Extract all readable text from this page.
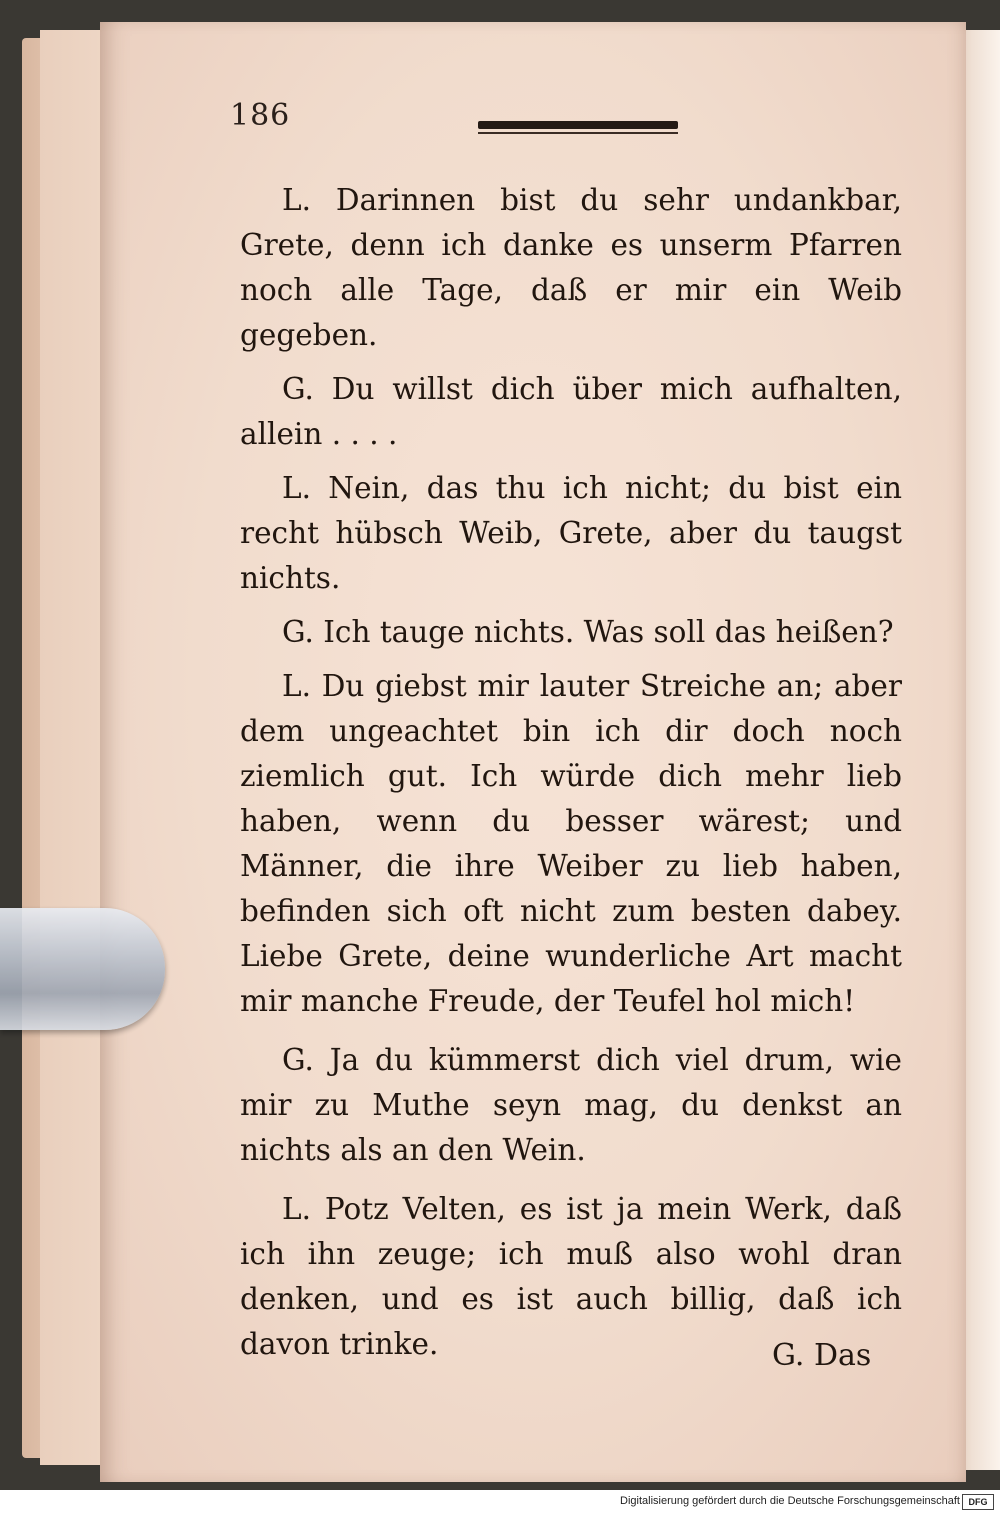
186

L. Darinnen bist du sehr undankbar, Grete, denn ich danke es unserm Pfarren noch alle Tage, daß er mir ein Weib gegeben.

G. Du willst dich über mich aufhalten, allein . . . .

L. Nein, das thu ich nicht; du bist ein recht hübsch Weib, Grete, aber du taugst nichts.

G. Ich tauge nichts. Was soll das heißen?

L. Du giebst mir lauter Streiche an; aber dem ungeachtet bin ich dir doch noch ziemlich gut. Ich würde dich mehr lieb haben, wenn du besser wärest; und Männer, die ihre Weiber zu lieb haben, befinden sich oft nicht zum besten dabey. Liebe Grete, deine wunderliche Art macht mir manche Freude, der Teufel hol mich!

G. Ja du kümmerst dich viel drum, wie mir zu Muthe seyn mag, du denkst an nichts als an den Wein.

L. Potz Velten, es ist ja mein Werk, daß ich ihn zeuge; ich muß also wohl dran denken, und es ist auch billig, daß ich davon trinke.	G. Das
Digitalisierung gefördert durch die Deutsche Forschungsgemeinschaft DFG
